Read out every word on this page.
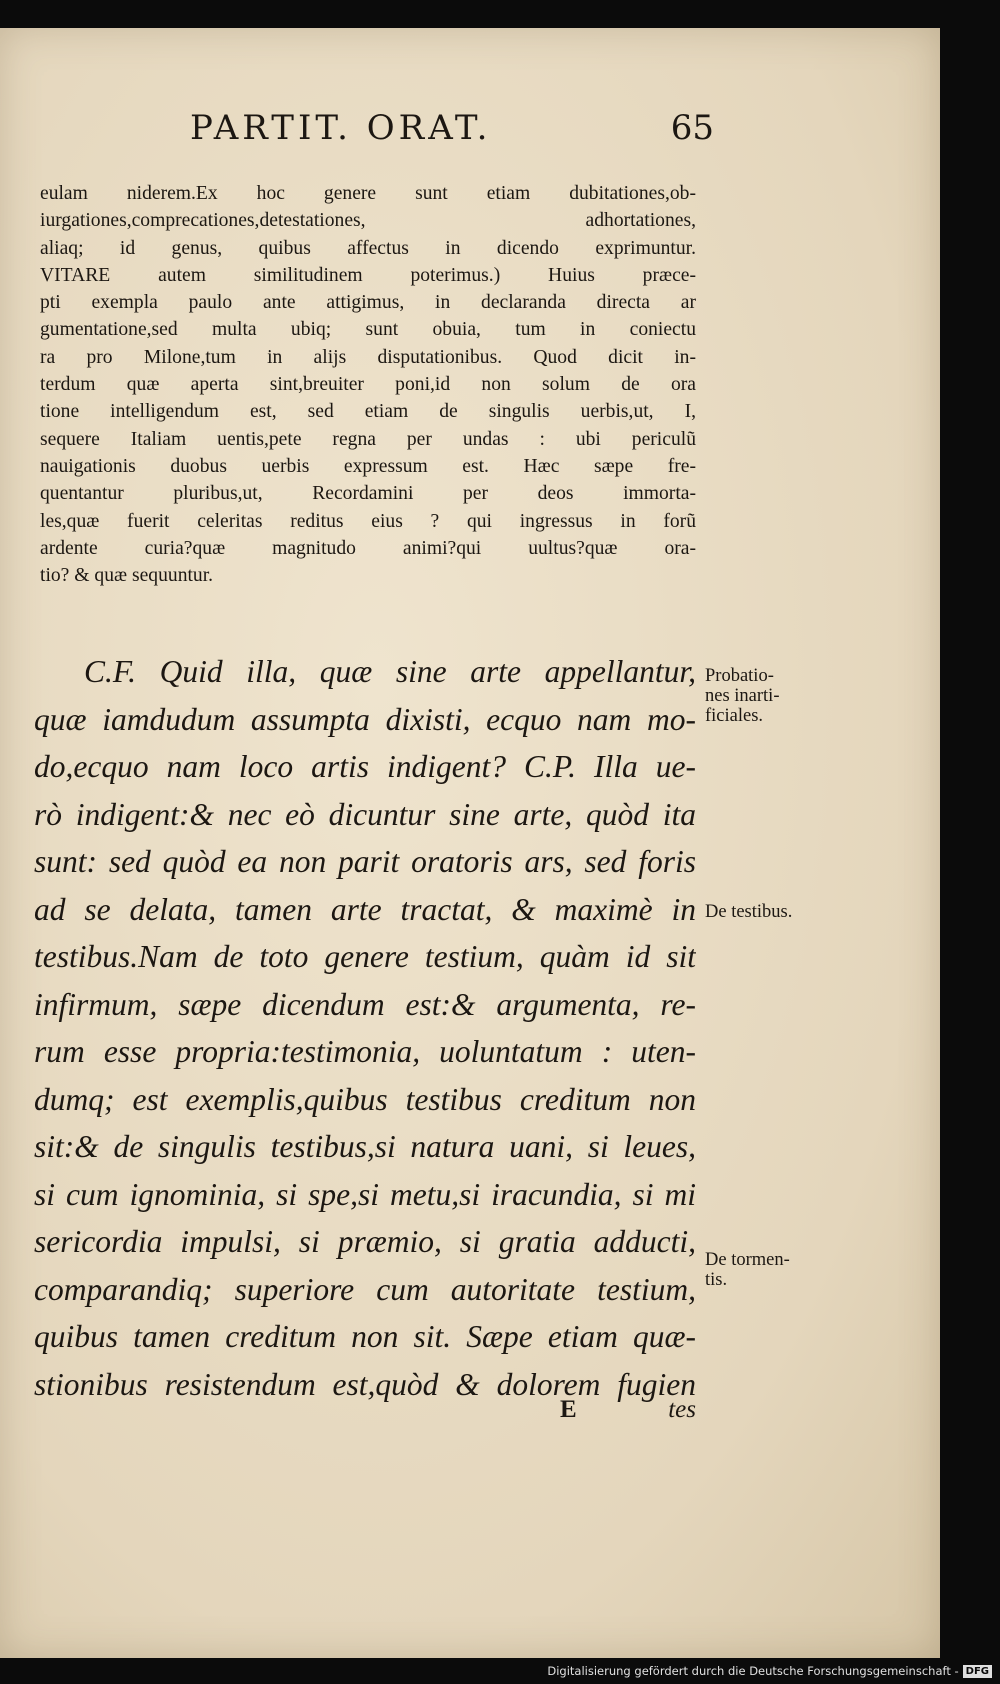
PARTIT. ORAT.	65
eulam niderem.Ex hoc genere sunt etiam dubitationes,ob-
iurgationes,comprecationes,detestationes, adhortationes,
aliaq; id genus, quibus affectus in dicendo exprimuntur.
VITARE autem similitudinem poterimus.) Huius præce-
pti exempla paulo ante attigimus, in declaranda directa ar
gumentatione,sed multa ubiq; sunt obuia, tum in coniectu
ra pro Milone,tum in alijs disputationibus. Quod dicit in-
terdum quæ aperta sint,breuiter poni,id non solum de ora
tione intelligendum est, sed etiam de singulis uerbis,ut, I,
sequere Italiam uentis,pete regna per undas : ubi periculũ
nauigationis duobus uerbis expressum est. Hæc sæpe fre-
quentantur pluribus,ut, Recordamini per deos immorta-
les,quæ fuerit celeritas reditus eius ? qui ingressus in forũ
ardente curia?quæ magnitudo animi?qui uultus?quæ ora-
tio? & quæ sequuntur.
C.F. Quid illa, quæ sine arte appellantur,
quæ iamdudum assumpta dixisti, ecquo nam mo-
do,ecquo nam loco artis indigent? C.P. Illa ue-
rò indigent:& nec eò dicuntur sine arte, quòd ita
sunt: sed quòd ea non parit oratoris ars, sed foris
ad se delata, tamen arte tractat, & maximè in
testibus.Nam de toto genere testium, quàm id sit
infirmum, sæpe dicendum est:& argumenta, re-
rum esse propria:testimonia, uoluntatum : uten-
dumq; est exemplis,quibus testibus creditum non
sit:& de singulis testibus,si natura uani, si leues,
si cum ignominia, si spe,si metu,si iracundia, si mi
sericordia impulsi, si præmio, si gratia adducti,
comparandiq; superiore cum autoritate testium,
quibus tamen creditum non sit. Sæpe etiam quæ-
stionibus resistendum est,quòd & dolorem fugien
Probatio-
nes inarti-
ficiales.
De testibus.
De tormen-
tis.
E	tes
Digitalisierung gefördert durch die Deutsche Forschungsgemeinschaft - DFG
